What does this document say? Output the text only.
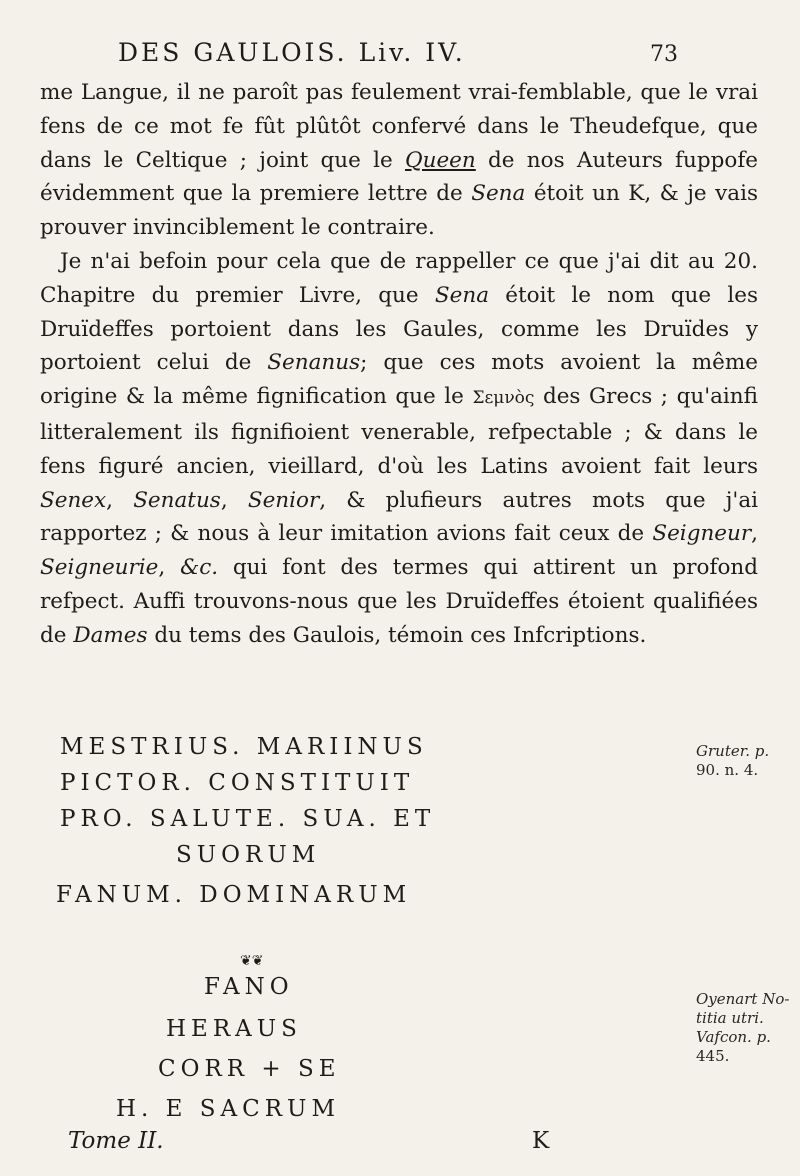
DES GAULOIS. Liv. IV.	73

me Langue, il ne paroît pas feulement vrai-femblable, que le vrai fens de ce mot fe fût plûtôt confervé dans le Theudefque, que dans le Celtique ; joint que le Queen de nos Auteurs fuppofe évidemment que la premiere lettre de Sena étoit un K, & je vais prouver invinciblement le contraire.

Je n'ai befoin pour cela que de rappeller ce que j'ai dit au 20. Chapitre du premier Livre, que Sena étoit le nom que les Druïdeffes portoient dans les Gaules, comme les Druïdes y portoient celui de Senanus; que ces mots avoient la même origine & la même fignification que le Σεμνὸς des Grecs ; qu'ainfi litteralement ils fignifioient venerable, refpectable ; & dans le fens figuré ancien, vieillard, d'où les Latins avoient fait leurs Senex, Senatus, Senior, & plufieurs autres mots que j'ai rapportez ; & nous à leur imitation avions fait ceux de Seigneur, Seigneurie, &c. qui font des termes qui attirent un profond refpect. Auffi trouvons-nous que les Druïdeffes étoient qualifiées de Dames du tems des Gaulois, témoin ces Infcriptions.

MESTRIUS. MARIINUS
PICTOR. CONSTITUIT
PRO. SALUTE. SUA. ET
SUORUM
FANUM. DOMINARUM
❦❦
FANO
HERAUS
CORR + SE
H. E SACRUM
Gruter. p.
90. n. 4.
Oyenart No-
titia utri.
Vafcon. p.
445.
Tome II.	K
